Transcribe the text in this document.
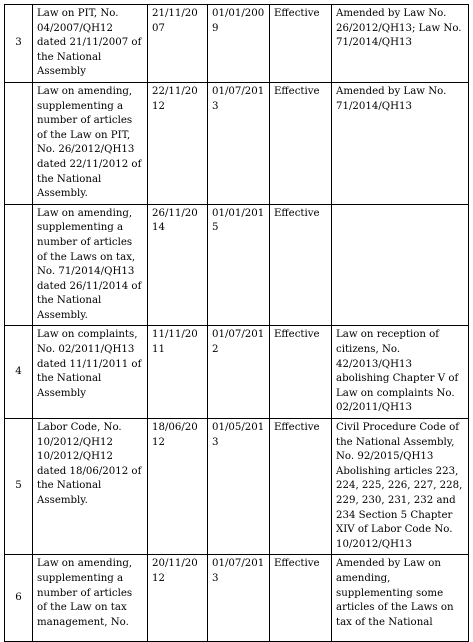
3	Law on PIT, No. 04/2007/QH12 dated 21/11/2007 of the National Assembly	21/11/2007	01/01/2009	Effective	Amended by Law No. 26/2012/QH13; Law No. 71/2014/QH13
	Law on amending, supplementing a number of articles of the Law on PIT, No. 26/2012/QH13 dated 22/11/2012 of the National Assembly.	22/11/2012	01/07/2013	Effective	Amended by Law No. 71/2014/QH13
	Law on amending, supplementing a number of articles of the Laws on tax, No. 71/2014/QH13 dated 26/11/2014 of the National Assembly.	26/11/2014	01/01/2015	Effective	
4	Law on complaints, No. 02/2011/QH13 dated 11/11/2011 of the National Assembly	11/11/2011	01/07/2012	Effective	Law on reception of citizens, No. 42/2013/QH13 abolishing Chapter V of Law on complaints No. 02/2011/QH13
5	Labor Code, No. 10/2012/QH12 10/2012/QH12 dated 18/06/2012 of the National Assembly.	18/06/2012	01/05/2013	Effective	Civil Procedure Code of the National Assembly, No. 92/2015/QH13 Abolishing articles 223, 224, 225, 226, 227, 228, 229, 230, 231, 232 and 234 Section 5 Chapter XIV of Labor Code No. 10/2012/QH13
6	Law on amending, supplementing a number of articles of the Law on tax management, No.	20/11/2012	01/07/2013	Effective	Amended by Law on amending, supplementing some articles of the Laws on tax of the National
